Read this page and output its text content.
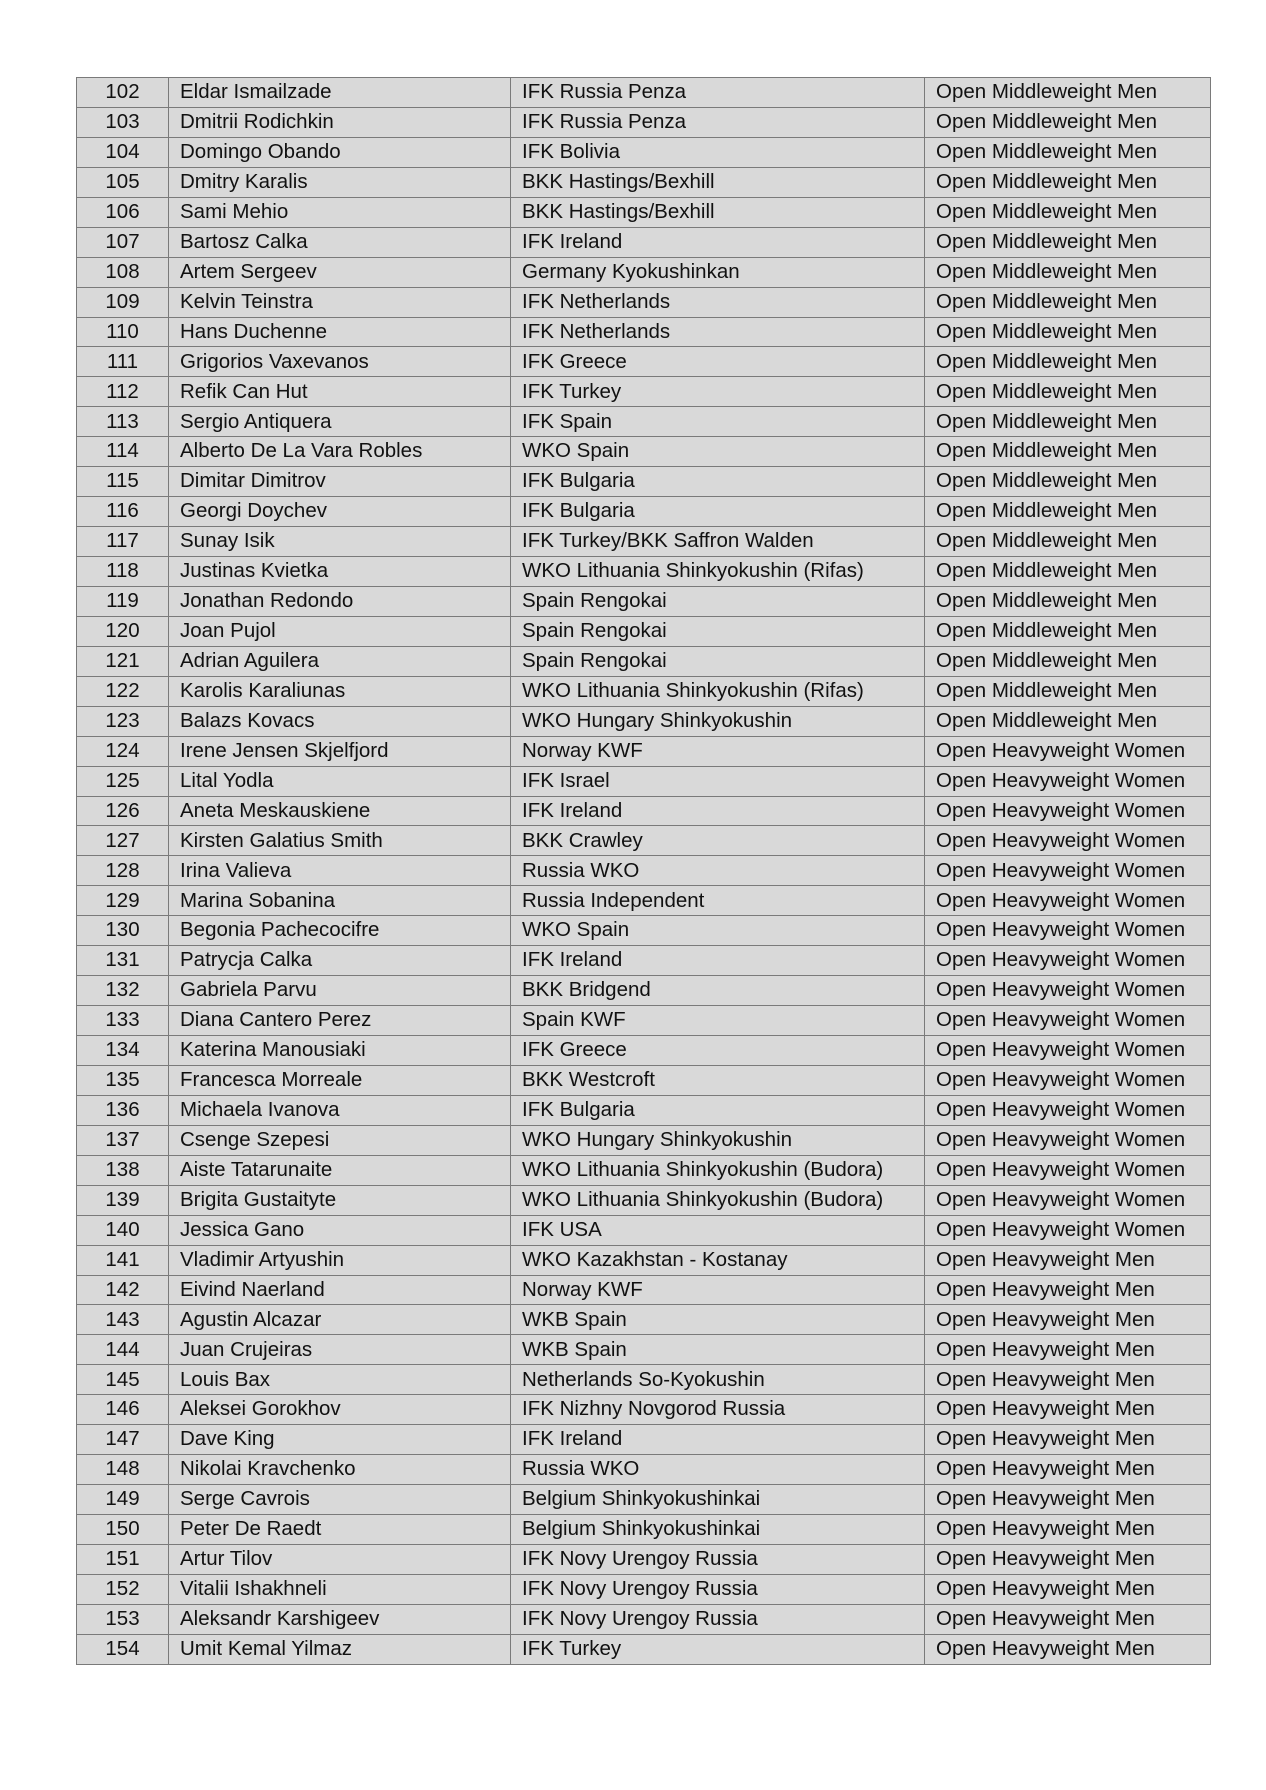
102	Eldar Ismailzade	IFK Russia Penza	Open Middleweight Men
103	Dmitrii Rodichkin	IFK Russia Penza	Open Middleweight Men
104	Domingo Obando	IFK Bolivia	Open Middleweight Men
105	Dmitry Karalis	BKK Hastings/Bexhill	Open Middleweight Men
106	Sami Mehio	BKK Hastings/Bexhill	Open Middleweight Men
107	Bartosz Calka	IFK Ireland	Open Middleweight Men
108	Artem Sergeev	Germany Kyokushinkan	Open Middleweight Men
109	Kelvin Teinstra	IFK Netherlands	Open Middleweight Men
110	Hans Duchenne	IFK Netherlands	Open Middleweight Men
111	Grigorios Vaxevanos	IFK Greece	Open Middleweight Men
112	Refik Can Hut	IFK Turkey	Open Middleweight Men
113	Sergio Antiquera	IFK Spain	Open Middleweight Men
114	Alberto De La Vara Robles	WKO Spain	Open Middleweight Men
115	Dimitar Dimitrov	IFK Bulgaria	Open Middleweight Men
116	Georgi Doychev	IFK Bulgaria	Open Middleweight Men
117	Sunay Isik	IFK Turkey/BKK Saffron Walden	Open Middleweight Men
118	Justinas Kvietka	WKO Lithuania Shinkyokushin (Rifas)	Open Middleweight Men
119	Jonathan Redondo	Spain Rengokai	Open Middleweight Men
120	Joan Pujol	Spain Rengokai	Open Middleweight Men
121	Adrian Aguilera	Spain Rengokai	Open Middleweight Men
122	Karolis Karaliunas	WKO Lithuania Shinkyokushin (Rifas)	Open Middleweight Men
123	Balazs Kovacs	WKO Hungary Shinkyokushin	Open Middleweight Men
124	Irene Jensen Skjelfjord	Norway KWF	Open Heavyweight Women
125	Lital Yodla	IFK Israel	Open Heavyweight Women
126	Aneta Meskauskiene	IFK Ireland	Open Heavyweight Women
127	Kirsten Galatius Smith	BKK Crawley	Open Heavyweight Women
128	Irina Valieva	Russia WKO	Open Heavyweight Women
129	Marina Sobanina	Russia Independent	Open Heavyweight Women
130	Begonia Pachecocifre	WKO Spain	Open Heavyweight Women
131	Patrycja Calka	IFK Ireland	Open Heavyweight Women
132	Gabriela Parvu	BKK Bridgend	Open Heavyweight Women
133	Diana Cantero Perez	Spain KWF	Open Heavyweight Women
134	Katerina Manousiaki	IFK Greece	Open Heavyweight Women
135	Francesca Morreale	BKK Westcroft	Open Heavyweight Women
136	Michaela Ivanova	IFK Bulgaria	Open Heavyweight Women
137	Csenge Szepesi	WKO Hungary Shinkyokushin	Open Heavyweight Women
138	Aiste Tatarunaite	WKO Lithuania Shinkyokushin (Budora)	Open Heavyweight Women
139	Brigita Gustaityte	WKO Lithuania Shinkyokushin (Budora)	Open Heavyweight Women
140	Jessica Gano	IFK USA	Open Heavyweight Women
141	Vladimir Artyushin	WKO Kazakhstan - Kostanay	Open Heavyweight Men
142	Eivind Naerland	Norway KWF	Open Heavyweight Men
143	Agustin Alcazar	WKB Spain	Open Heavyweight Men
144	Juan Crujeiras	WKB Spain	Open Heavyweight Men
145	Louis Bax	Netherlands So-Kyokushin	Open Heavyweight Men
146	Aleksei Gorokhov	IFK Nizhny Novgorod Russia	Open Heavyweight Men
147	Dave King	IFK Ireland	Open Heavyweight Men
148	Nikolai Kravchenko	Russia WKO	Open Heavyweight Men
149	Serge Cavrois	Belgium Shinkyokushinkai	Open Heavyweight Men
150	Peter De Raedt	Belgium Shinkyokushinkai	Open Heavyweight Men
151	Artur Tilov	IFK Novy Urengoy Russia	Open Heavyweight Men
152	Vitalii Ishakhneli	IFK Novy Urengoy Russia	Open Heavyweight Men
153	Aleksandr Karshigeev	IFK Novy Urengoy Russia	Open Heavyweight Men
154	Umit Kemal Yilmaz	IFK Turkey	Open Heavyweight Men
